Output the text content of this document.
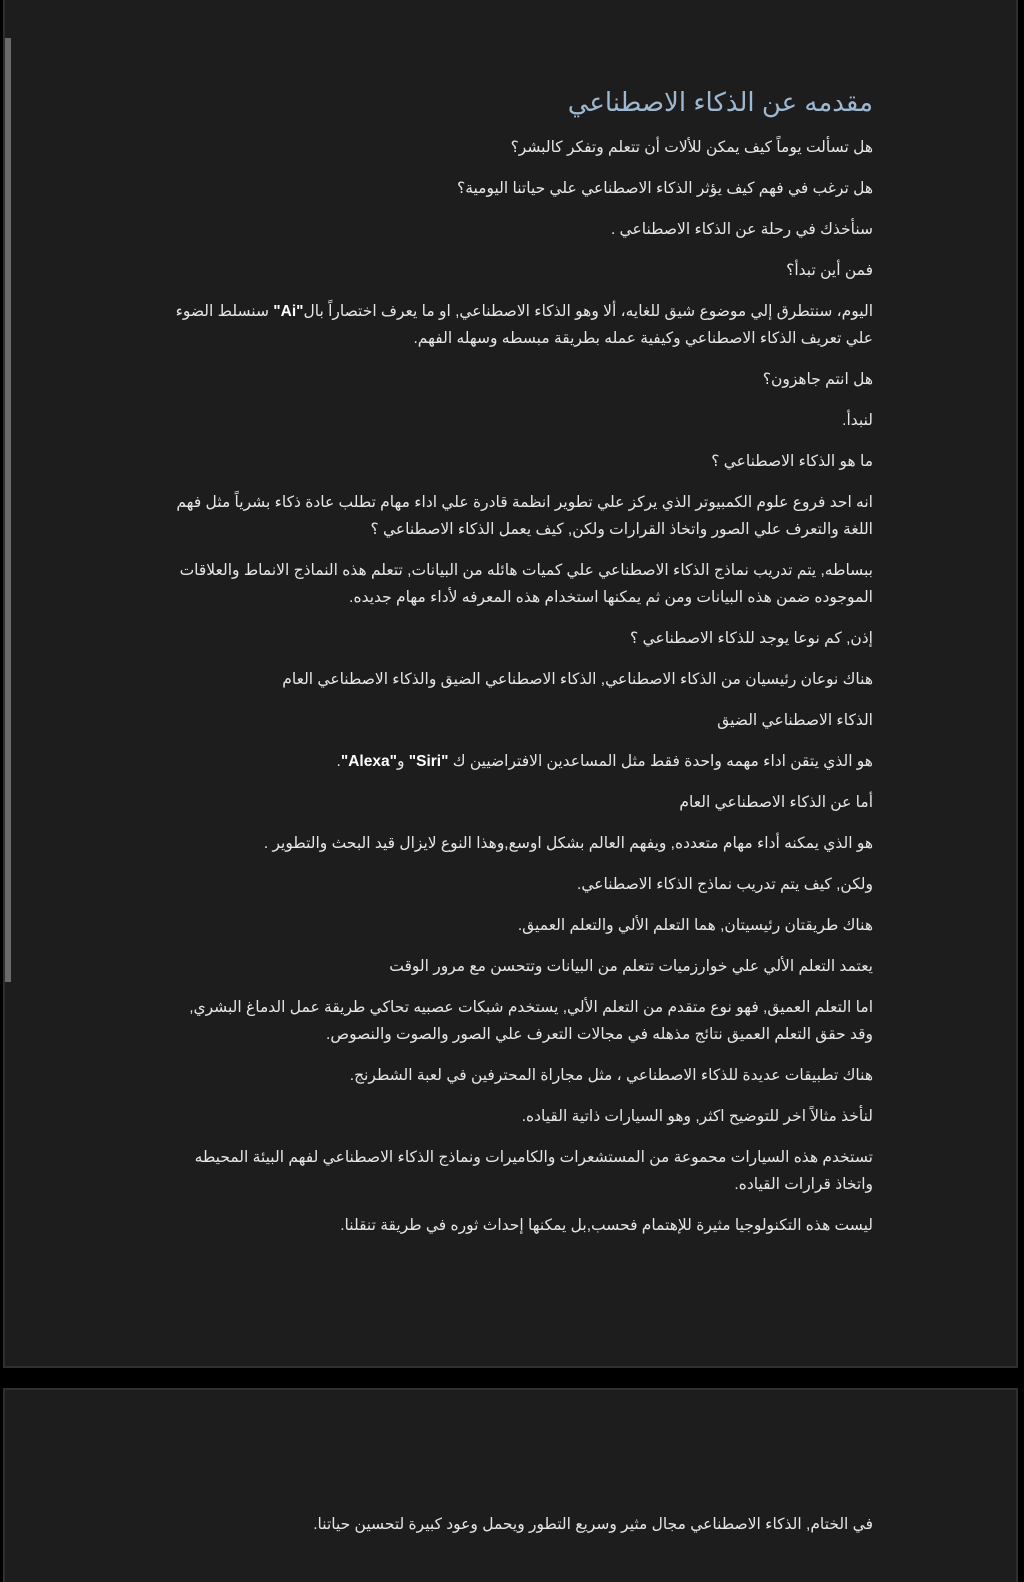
مقدمه عن الذكاء الاصطناعي

هل تسألت يوماً كيف يمكن للألات أن تتعلم وتفكر كالبشر؟

هل ترغب في فهم كيف يؤثر الذكاء الاصطناعي علي حياتنا اليومية؟

سنأخذك في رحلة عن الذكاء الاصطناعي .

فمن أين تبدأ؟

اليوم، سنتطرق إلي موضوع شيق للغايه، ألا وهو الذكاء الاصطناعي, او ما يعرف اختصاراً بال"Ai" سنسلط الضوء علي تعريف الذكاء الاصطناعي وكيفية عمله بطريقة مبسطه وسهله الفهم.

هل انتم جاهزون؟

لنبدأ.

ما هو الذكاء الاصطناعي ؟

انه احد فروع علوم الكمبيوتر الذي يركز علي تطوير انظمة قادرة علي اداء مهام تطلب عادة ذكاء بشرياً مثل فهم اللغة والتعرف علي الصور واتخاذ القرارات ولكن, كيف يعمل الذكاء الاصطناعي ؟

ببساطه, يتم تدريب نماذج الذكاء الاصطناعي علي كميات هائله من البيانات, تتعلم هذه النماذج الانماط والعلاقات الموجوده ضمن هذه البيانات ومن ثم يمكنها استخدام هذه المعرفه لأداء مهام جديده.

إذن, كم نوعا يوجد للذكاء الاصطناعي ؟

هناك نوعان رئيسيان من الذكاء الاصطناعي, الذكاء الاصطناعي الضيق والذكاء الاصطناعي العام

الذكاء الاصطناعي الضيق

هو الذي يتقن اداء مهمه واحدة فقط مثل المساعدين الافتراضيين ك "Siri" و"Alexa".

أما عن الذكاء الاصطناعي العام

هو الذي يمكنه أداء مهام متعدده, ويفهم العالم بشكل اوسع,وهذا النوع لايزال قيد البحث والتطوير .

ولكن, كيف يتم تدريب نماذج الذكاء الاصطناعي.

هناك طريقتان رئيسيتان, هما التعلم الألي والتعلم العميق.

يعتمد التعلم الألي علي خوارزميات تتعلم من البيانات وتتحسن مع مرور الوقت

اما التعلم العميق, فهو نوع متقدم من التعلم الألي, يستخدم شبكات عصبيه تحاكي طريقة عمل الدماغ البشري, وقد حقق التعلم العميق نتائج مذهله في مجالات التعرف علي الصور والصوت والنصوص.

هناك تطبيقات عديدة للذكاء الاصطناعي ، مثل مجاراة المحترفين في لعبة الشطرنج.

لنأخذ مثالاً اخر للتوضيح اكثر, وهو السيارات ذاتية القياده.

تستخدم هذه السيارات محموعة من المستشعرات والكاميرات ونماذج الذكاء الاصطناعي لفهم البيئة المحيطه واتخاذ قرارات القياده.

ليست هذه التكنولوجيا مثيرة للإهتمام فحسب,بل يمكنها إحداث ثوره في طريقة تنقلنا.

في الختام, الذكاء الاصطناعي مجال مثير وسريع التطور ويحمل وعود كبيرة لتحسين حياتنا.
